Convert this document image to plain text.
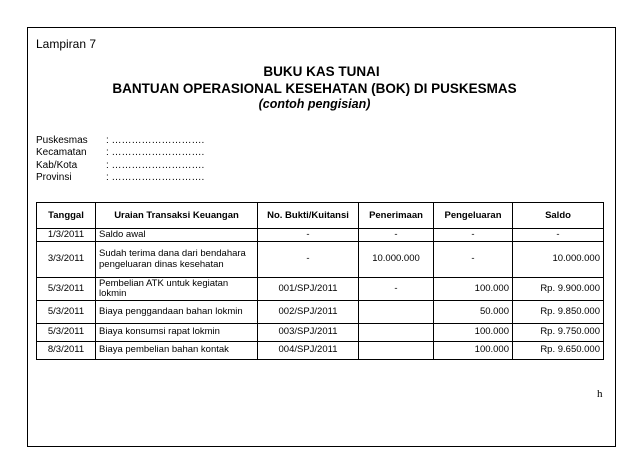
Lampiran 7
BUKU KAS TUNAI
BANTUAN OPERASIONAL KESEHATAN (BOK) DI PUSKESMAS
(contoh pengisian)
Puskesmas	: ……………………….
Kecamatan	: ……………………….
Kab/Kota	: ……………………….
Provinsi	: ……………………….
Tanggal	Uraian Transaksi Keuangan	No. Bukti/Kuitansi	Penerimaan	Pengeluaran	Saldo
1/3/2011	Saldo awal	-	-	-	-
3/3/2011	Sudah terima dana dari bendahara pengeluaran dinas kesehatan	-	10.000.000	-	10.000.000
5/3/2011	Pembelian ATK untuk kegiatan lokmin	001/SPJ/2011	-	100.000	Rp. 9.900.000
5/3/2011	Biaya penggandaan bahan lokmin	002/SPJ/2011		50.000	Rp. 9.850.000
5/3/2011	Biaya konsumsi rapat lokmin	003/SPJ/2011		100.000	Rp. 9.750.000
8/3/2011	Biaya pembelian bahan kontak	004/SPJ/2011		100.000	Rp. 9.650.000
h
